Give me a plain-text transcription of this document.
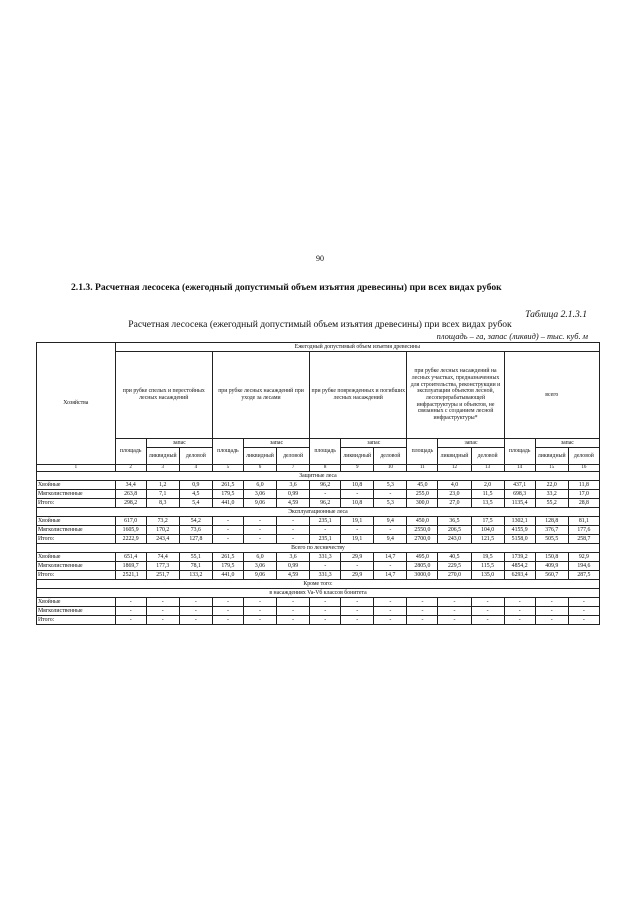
90
2.1.3. Расчетная лесосека (ежегодный допустимый объем изъятия древесины) при всех видах рубок
Таблица 2.1.3.1
Расчетная лесосека (ежегодный допустимый объем изъятия древесины) при всех видах рубок
площадь – га, запас (ликвид) – тыс. куб. м
Хозяйства	Ежегодный допустимый объем изъятия древесины														
	при рубке спелых и перестойных лесных насаждений			при рубке лесных насаждений при уходе за лесами			при рубке поврежденных и погибших лесных насаждений			при рубке лесных насаждений на лесных участках, предназначенных для строительства, реконструкции и эксплуатации объектов лесной, лесоперерабатывающей инфраструктуры и объектов, не связанных с созданием лесной инфраструктуры*			всего		
	площадь	запас		площадь	запас		площадь	запас		площадь	запас		площадь	запас	
		ликвидный	деловой		ликвидный	деловой		ликвидный	деловой		ликвидный	деловой		ликвидный	деловой
1	2	3	4	5	6	7	8	9	10	11	12	13	14	15	16
Защитные леса															
Хвойные	34,4	1,2	0,9	261,5	6,0	3,6	96,2	10,8	5,3	45,0	4,0	2,0	437,1	22,0	11,8
Мягколиственные	263,8	7,1	4,5	179,5	3,06	0,99	-	-	-	255,0	23,0	11,5	698,3	33,2	17,0
Итого:	298,2	8,3	5,4	441,0	9,06	4,59	96,2	10,8	5,3	300,0	27,0	13,5	1135,4	55,2	28,8
Эксплуатационные леса															
Хвойные	617,0	73,2	54,2	-	-	-	235,1	19,1	9,4	450,0	36,5	17,5	1302,1	128,8	81,1
Мягколиственные	1605,9	170,2	73,6	-	-	-	-	-	-	2550,0	206,5	104,0	4155,9	376,7	177,6
Итого:	2222,9	243,4	127,8	-	-	-	235,1	19,1	9,4	2700,0	243,0	121,5	5158,0	505,5	258,7
Всего по лесничеству															
Хвойные	651,4	74,4	55,1	261,5	6,0	3,6	331,3	29,9	14,7	495,0	40,5	19,5	1739,2	150,8	92,9
Мягколиственные	1869,7	177,3	78,1	179,5	3,06	0,99	-	-	-	2805,0	229,5	115,5	4854,2	409,9	194,6
Итого:	2521,1	251,7	133,2	441,0	9,06	4,59	331,3	29,9	14,7	3000,0	270,0	135,0	6293,4	560,7	287,5
Кроме того:															
в насаждениях Va-Vб классов бонитета															
Хвойные	-	-	-	-	-	-	-	-	-	-	-	-	-	-	-
Мягколиственные	-	-	-	-	-	-	-	-	-	-	-	-	-	-	-
Итого:	-	-	-	-	-	-	-	-	-	-	-	-	-	-	-
